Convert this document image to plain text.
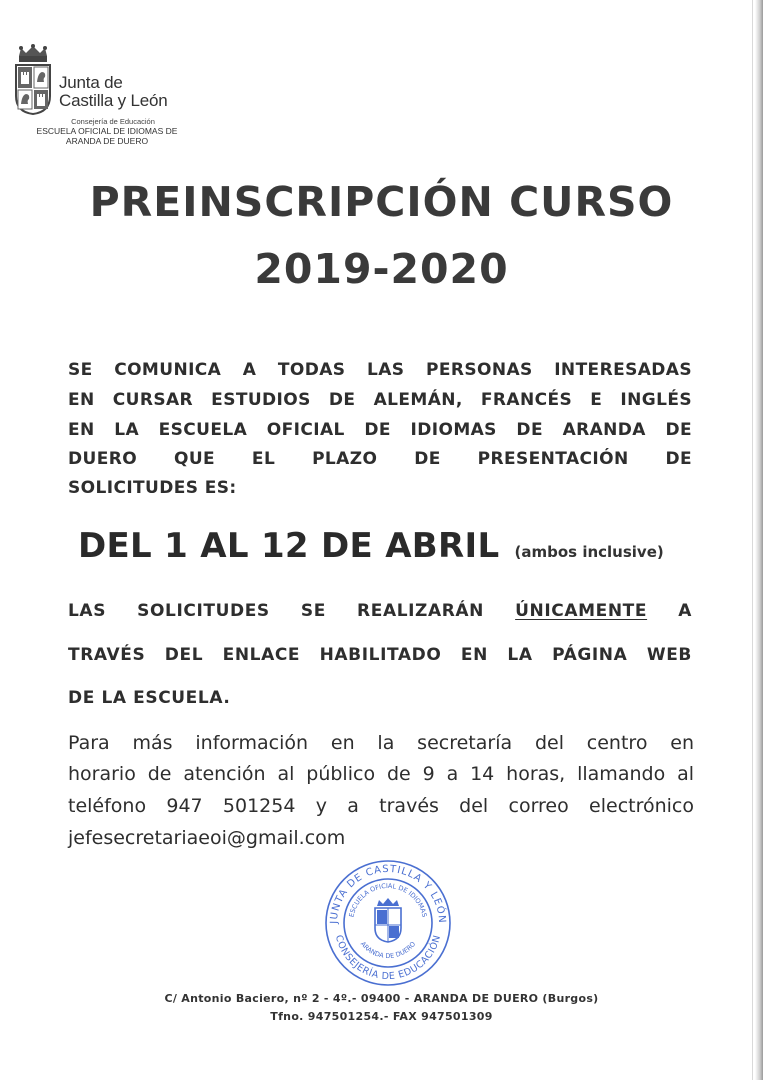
Junta de
Castilla y León
Consejería de Educación
ESCUELA OFICIAL DE IDIOMAS DE
ARANDA DE DUERO
PREINSCRIPCIÓN CURSO
2019-2020
SE COMUNICA A TODAS LAS PERSONAS INTERESADAS
EN CURSAR ESTUDIOS DE ALEMÁN, FRANCÉS E INGLÉS
EN LA ESCUELA OFICIAL DE IDIOMAS DE ARANDA DE
DUERO QUE EL PLAZO DE PRESENTACIÓN DE
SOLICITUDES ES:
DEL 1 AL 12 DE ABRIL (ambos inclusive)
LAS SOLICITUDES SE REALIZARÁN ÚNICAMENTE A
TRAVÉS DEL ENLACE HABILITADO EN LA PÁGINA WEB
DE LA ESCUELA.
Para más información en la secretaría del centro en
horario de atención al público de 9 a 14 horas, llamando al
teléfono 947 501254 y a través del correo electrónico
jefesecretariaeoi@gmail.com
JUNTA DE CASTILLA Y LEÓN
ESCUELA OFICIAL DE IDIOMAS
CONSEJERÍA DE EDUCACIÓN
ARANDA DE DUERO
C/ Antonio Baciero, nº 2 - 4º.- 09400 - ARANDA DE DUERO (Burgos)
Tfno. 947501254.- FAX 947501309
